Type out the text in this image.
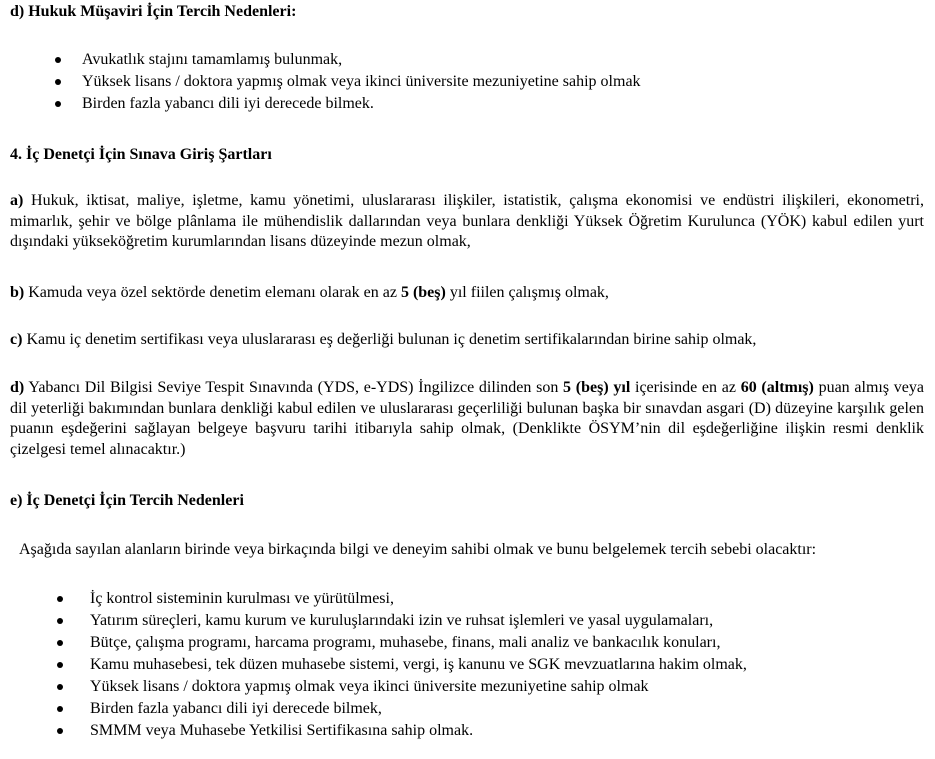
d) Hukuk Müşaviri İçin Tercih Nedenleri:
Avukatlık stajını tamamlamış bulunmak,
Yüksek lisans / doktora yapmış olmak veya ikinci üniversite mezuniyetine sahip olmak
Birden fazla yabancı dili iyi derecede bilmek.
4. İç Denetçi İçin Sınava Giriş Şartları
a) Hukuk, iktisat, maliye, işletme, kamu yönetimi, uluslararası ilişkiler, istatistik, çalışma ekonomisi ve endüstri ilişkileri, ekonometri, mimarlık, şehir ve bölge plânlama ile mühendislik dallarından veya bunlara denkliği Yüksek Öğretim Kurulunca (YÖK) kabul edilen yurt dışındaki yükseköğretim kurumlarından lisans düzeyinde mezun olmak,
b) Kamuda veya özel sektörde denetim elemanı olarak en az 5 (beş) yıl fiilen çalışmış olmak,
c) Kamu iç denetim sertifikası veya uluslararası eş değerliği bulunan iç denetim sertifikalarından birine sahip olmak,
d) Yabancı Dil Bilgisi Seviye Tespit Sınavında (YDS, e-YDS) İngilizce dilinden son 5 (beş) yıl içerisinde en az 60 (altmış) puan almış veya dil yeterliği bakımından bunlara denkliği kabul edilen ve uluslararası geçerliliği bulunan başka bir sınavdan asgari (D) düzeyine karşılık gelen puanın eşdeğerini sağlayan belgeye başvuru tarihi itibarıyla sahip olmak, (Denklikte ÖSYM’nin dil eşdeğerliğine ilişkin resmi denklik çizelgesi temel alınacaktır.)
e) İç Denetçi İçin Tercih Nedenleri
Aşağıda sayılan alanların birinde veya birkaçında bilgi ve deneyim sahibi olmak ve bunu belgelemek tercih sebebi olacaktır:
İç kontrol sisteminin kurulması ve yürütülmesi,
Yatırım süreçleri, kamu kurum ve kuruluşlarındaki izin ve ruhsat işlemleri ve yasal uygulamaları,
Bütçe, çalışma programı, harcama programı, muhasebe, finans, mali analiz ve bankacılık konuları,
Kamu muhasebesi, tek düzen muhasebe sistemi, vergi, iş kanunu ve SGK mevzuatlarına hakim olmak,
Yüksek lisans / doktora yapmış olmak veya ikinci üniversite mezuniyetine sahip olmak
Birden fazla yabancı dili iyi derecede bilmek,
SMMM veya Muhasebe Yetkilisi Sertifikasına sahip olmak.
